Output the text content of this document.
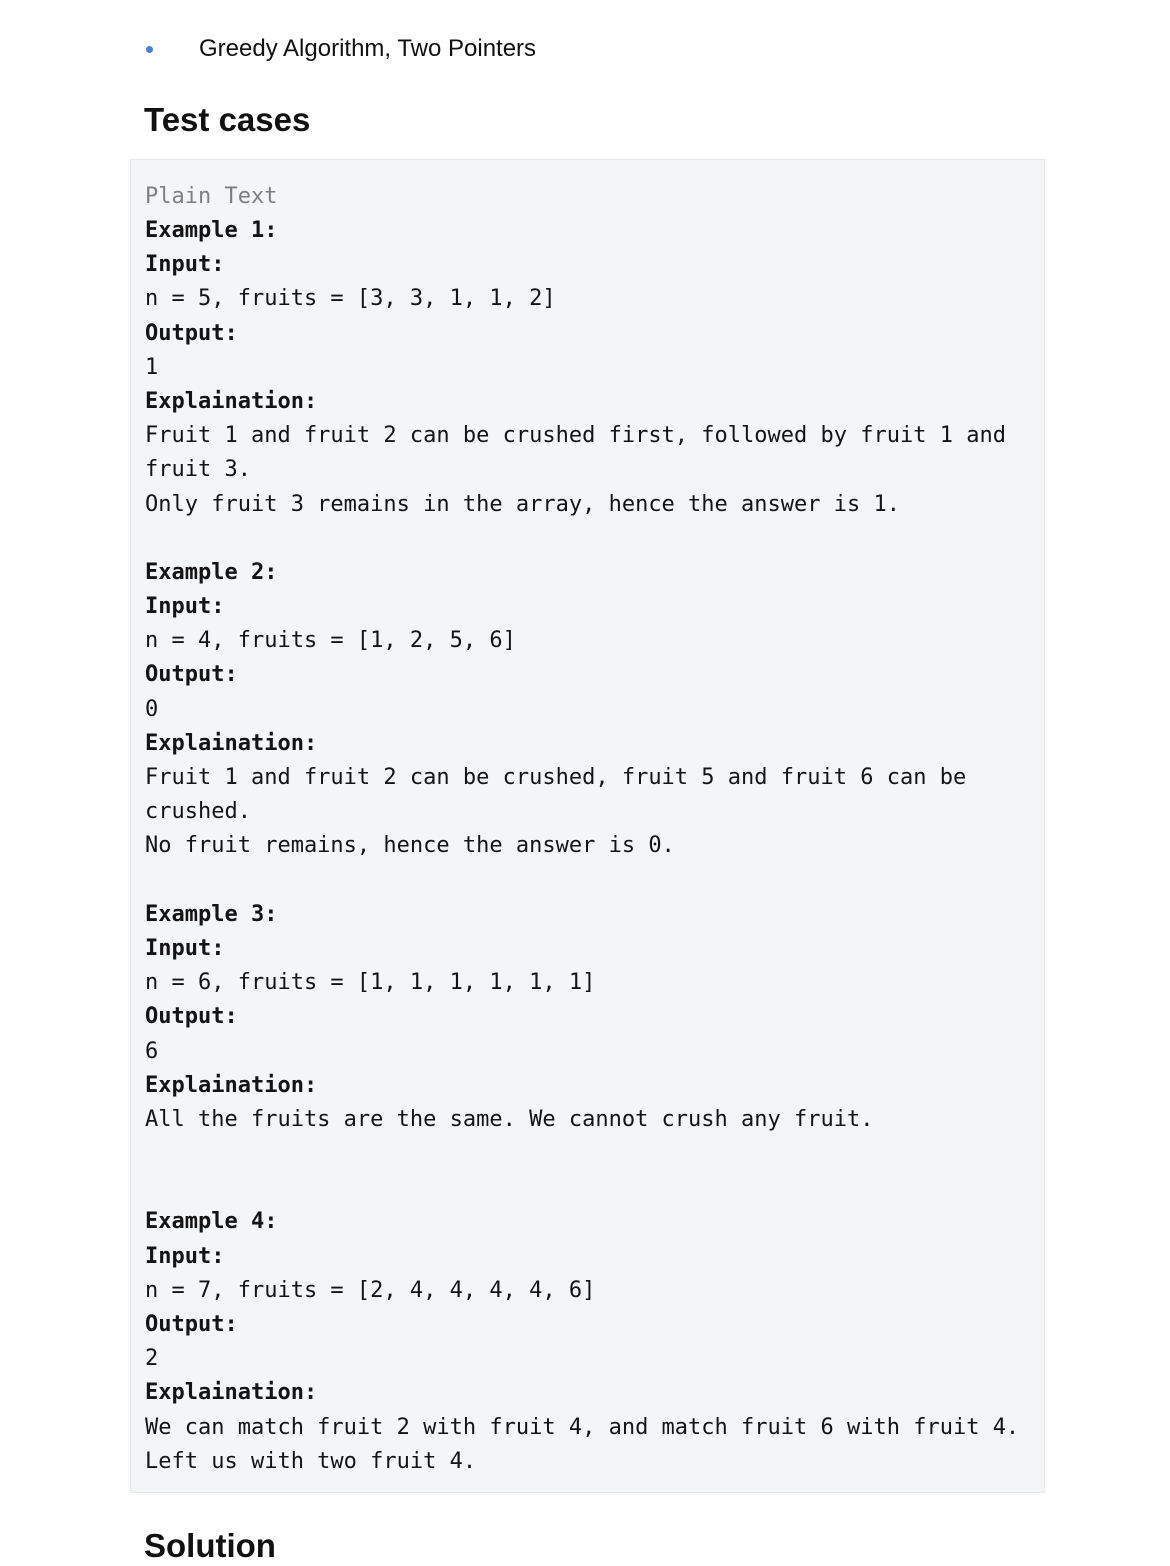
Greedy Algorithm, Two Pointers
Test cases
Plain Text
Example 1:
Input:
n = 5, fruits = [3, 3, 1, 1, 2]
Output:
1
Explaination:
Fruit 1 and fruit 2 can be crushed first, followed by fruit 1 and
fruit 3.
Only fruit 3 remains in the array, hence the answer is 1.
Example 2:
Input:
n = 4, fruits = [1, 2, 5, 6]
Output:
0
Explaination:
Fruit 1 and fruit 2 can be crushed, fruit 5 and fruit 6 can be
crushed.
No fruit remains, hence the answer is 0.
Example 3:
Input:
n = 6, fruits = [1, 1, 1, 1, 1, 1]
Output:
6
Explaination:
All the fruits are the same. We cannot crush any fruit.
Example 4:
Input:
n = 7, fruits = [2, 4, 4, 4, 4, 6]
Output:
2
Explaination:
We can match fruit 2 with fruit 4, and match fruit 6 with fruit 4.
Left us with two fruit 4.
Solution
